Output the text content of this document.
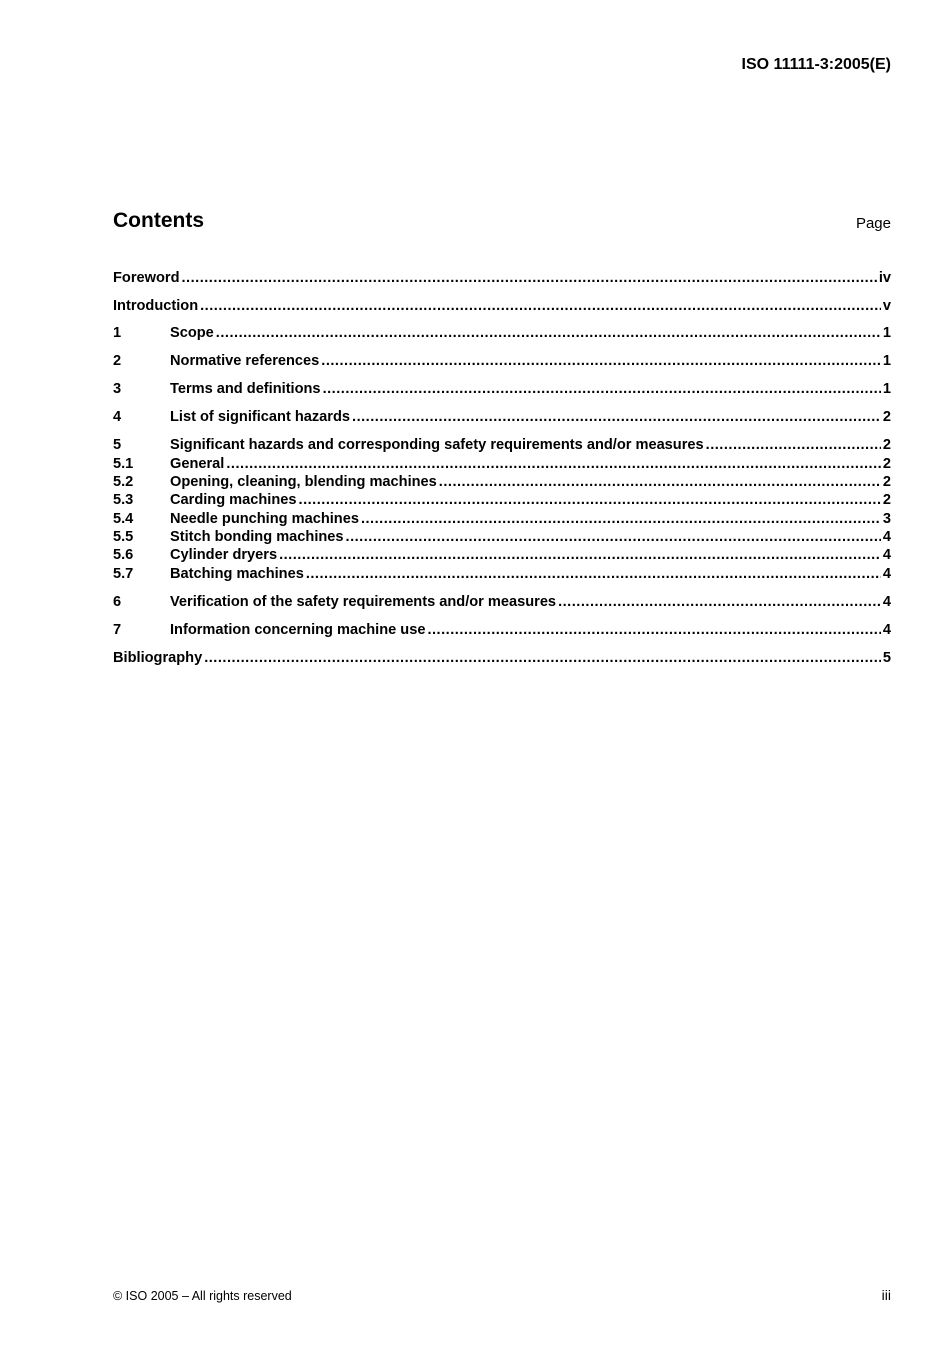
ISO 11111-3:2005(E)
Contents	Page
Foreword .....	iv
Introduction .....	v
1	Scope .....	1
2	Normative references .....	1
3	Terms and definitions .....	1
4	List of significant hazards .....	2
5	Significant hazards and corresponding safety requirements and/or measures .....	2
5.1	General .....	2
5.2	Opening, cleaning, blending machines .....	2
5.3	Carding machines .....	2
5.4	Needle punching machines .....	3
5.5	Stitch bonding machines .....	4
5.6	Cylinder dryers .....	4
5.7	Batching machines .....	4
6	Verification of the safety requirements and/or measures .....	4
7	Information concerning machine use .....	4
Bibliography .....	5
© ISO 2005 – All rights reserved	iii
